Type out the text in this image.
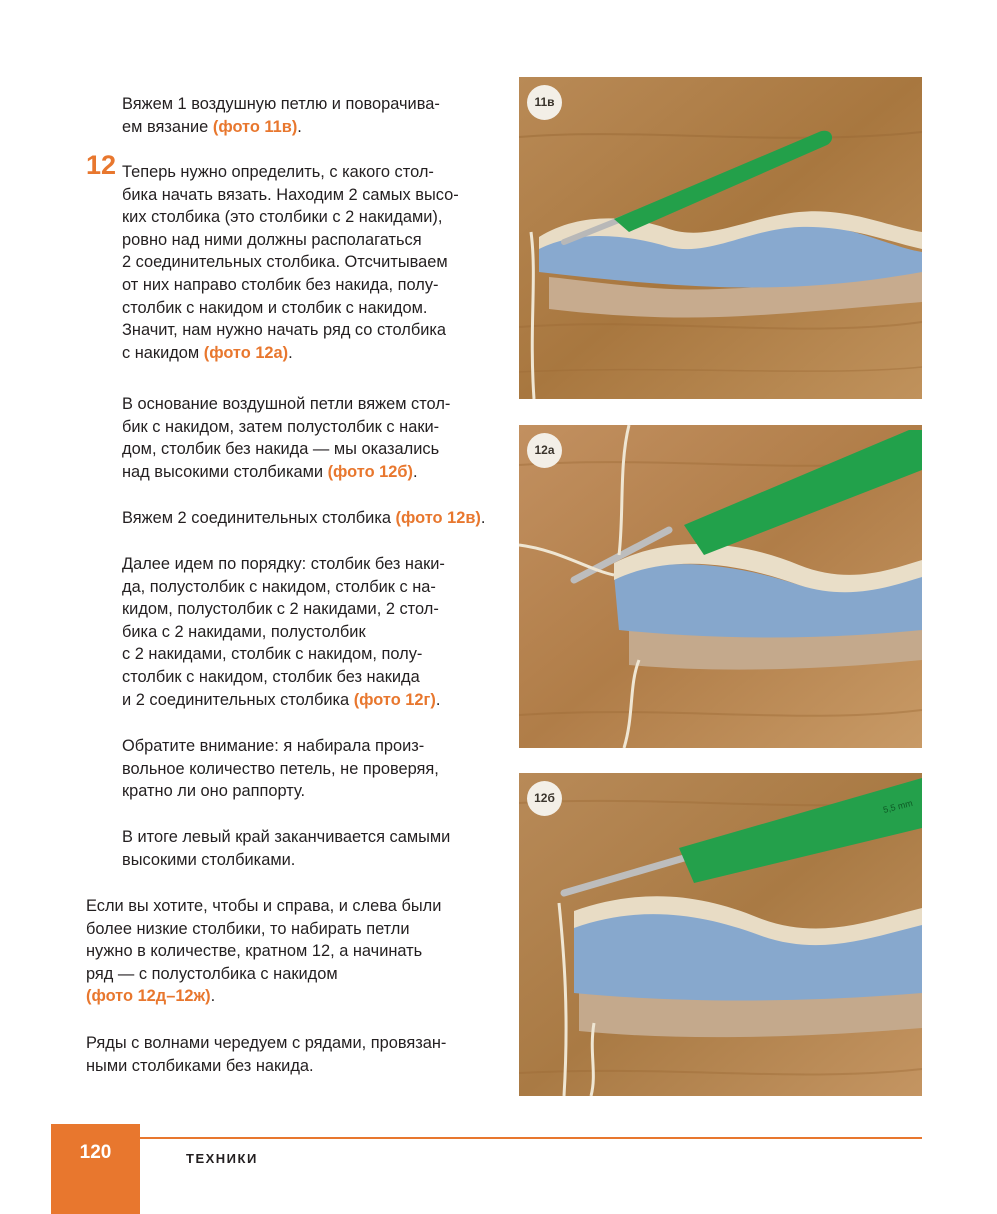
Вяжем 1 воздушную петлю и поворачива-
ем вязание (фото 11в).
12 Теперь нужно определить, с какого стол-
бика начать вязать. Находим 2 самых высо-
ких столбика (это столбики с 2 накидами),
ровно над ними должны располагаться
2 соединительных столбика. Отсчитываем
от них направо столбик без накида, полу-
столбик с накидом и столбик с накидом.
Значит, нам нужно начать ряд со столбика
с накидом (фото 12а).
В основание воздушной петли вяжем стол-
бик с накидом, затем полустолбик с наки-
дом, столбик без накида — мы оказались
над высокими столбиками (фото 12б).
Вяжем 2 соединительных столбика (фото 12в).
Далее идем по порядку: столбик без наки-
да, полустолбик с накидом, столбик с на-
кидом, полустолбик с 2 накидами, 2 стол-
бика с 2 накидами, полустолбик
с 2 накидами, столбик с накидом, полу-
столбик с накидом, столбик без накида
и 2 соединительных столбика (фото 12г).
Обратите внимание: я набирала произ-
вольное количество петель, не проверяя,
кратно ли оно раппорту.
В итоге левый край заканчивается самыми
высокими столбиками.
Если вы хотите, чтобы и справа, и слева были
более низкие столбики, то набирать петли
нужно в количестве, кратном 12, а начинать
ряд — с полустолбика с накидом
(фото 12д–12ж).
Ряды с волнами чередуем с рядами, провязан-
ными столбиками без накида.
11в
12а
5,5 mm
12б
120	ТЕХНИКИ
